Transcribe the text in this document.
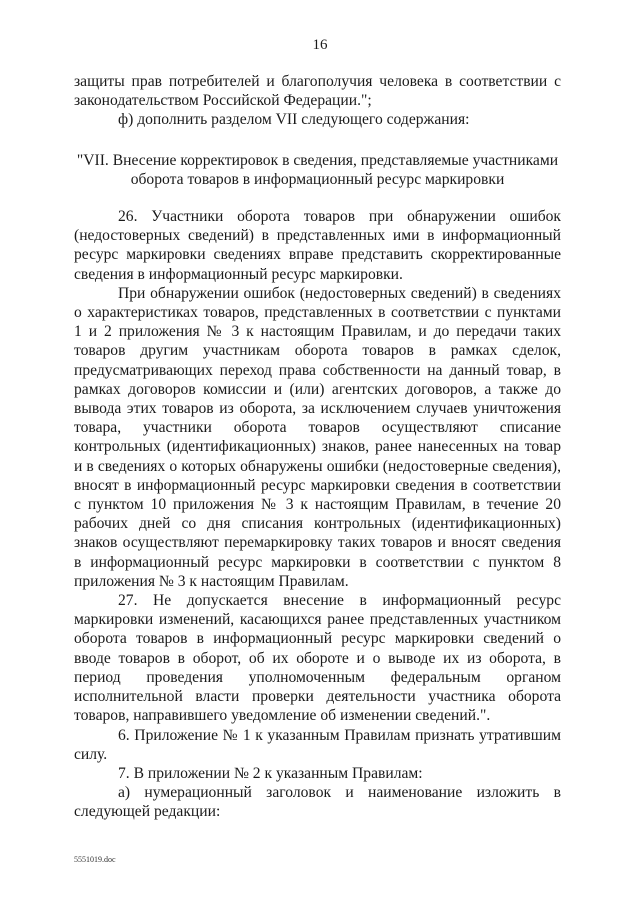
16

защиты прав потребителей и благополучия человека в соответствии с законодательством Российской Федерации.";

ф) дополнить разделом VII следующего содержания:

"VII. Внесение корректировок в сведения, представляемые участниками оборота товаров в информационный ресурс маркировки

26. Участники оборота товаров при обнаружении ошибок (недостоверных сведений) в представленных ими в информационный ресурс маркировки сведениях вправе представить скорректированные сведения в информационный ресурс маркировки.

При обнаружении ошибок (недостоверных сведений) в сведениях о характеристиках товаров, представленных в соответствии с пунктами 1 и 2 приложения № 3 к настоящим Правилам, и до передачи таких товаров другим участникам оборота товаров в рамках сделок, предусматривающих переход права собственности на данный товар, в рамках договоров комиссии и (или) агентских договоров, а также до вывода этих товаров из оборота, за исключением случаев уничтожения товара, участники оборота товаров осуществляют списание контрольных (идентификационных) знаков, ранее нанесенных на товар и в сведениях о которых обнаружены ошибки (недостоверные сведения), вносят в информационный ресурс маркировки сведения в соответствии с пунктом 10 приложения № 3 к настоящим Правилам, в течение 20 рабочих дней со дня списания контрольных (идентификационных) знаков осуществляют перемаркировку таких товаров и вносят сведения в информационный ресурс маркировки в соответствии с пунктом 8 приложения № 3 к настоящим Правилам.

27. Не допускается внесение в информационный ресурс маркировки изменений, касающихся ранее представленных участником оборота товаров в информационный ресурс маркировки сведений о вводе товаров в оборот, об их обороте и о выводе их из оборота, в период проведения уполномоченным федеральным органом исполнительной власти проверки деятельности участника оборота товаров, направившего уведомление об изменении сведений.".

6. Приложение № 1 к указанным Правилам признать утратившим силу.

7. В приложении № 2 к указанным Правилам:

а) нумерационный заголовок и наименование изложить в следующей редакции:

5551019.doc
